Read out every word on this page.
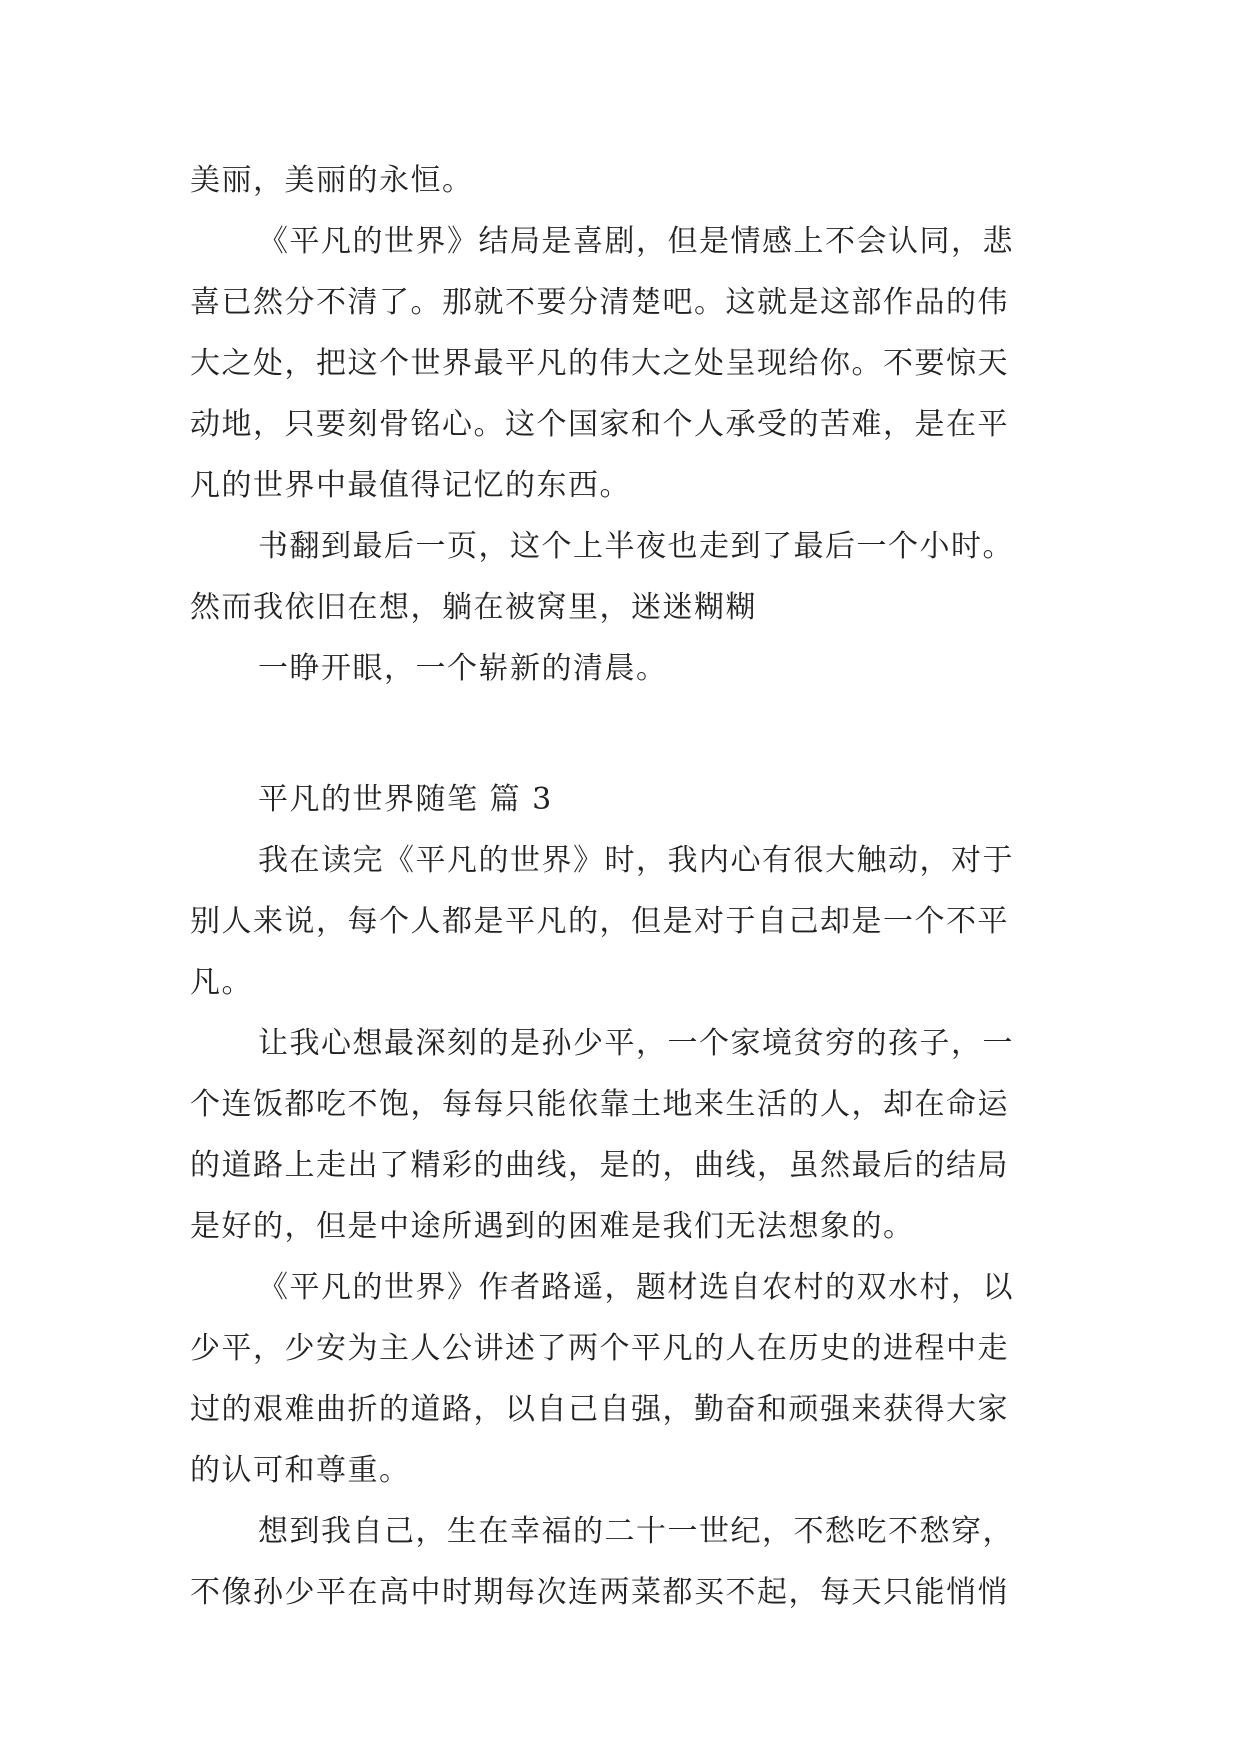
美丽，美丽的永恒。
《平凡的世界》结局是喜剧，但是情感上不会认同，悲
喜已然分不清了。那就不要分清楚吧。这就是这部作品的伟
大之处，把这个世界最平凡的伟大之处呈现给你。不要惊天
动地，只要刻骨铭心。这个国家和个人承受的苦难，是在平
凡的世界中最值得记忆的东西。
书翻到最后一页，这个上半夜也走到了最后一个小时。
然而我依旧在想，躺在被窝里，迷迷糊糊
一睁开眼，一个崭新的清晨。
平凡的世界随笔 篇 3
我在读完《平凡的世界》时，我内心有很大触动，对于
别人来说，每个人都是平凡的，但是对于自己却是一个不平
凡。
让我心想最深刻的是孙少平，一个家境贫穷的孩子，一
个连饭都吃不饱，每每只能依靠土地来生活的人，却在命运
的道路上走出了精彩的曲线，是的，曲线，虽然最后的结局
是好的，但是中途所遇到的困难是我们无法想象的。
《平凡的世界》作者路遥，题材选自农村的双水村，以
少平，少安为主人公讲述了两个平凡的人在历史的进程中走
过的艰难曲折的道路，以自己自强，勤奋和顽强来获得大家
的认可和尊重。
想到我自己，生在幸福的二十一世纪，不愁吃不愁穿，
不像孙少平在高中时期每次连两菜都买不起，每天只能悄悄
